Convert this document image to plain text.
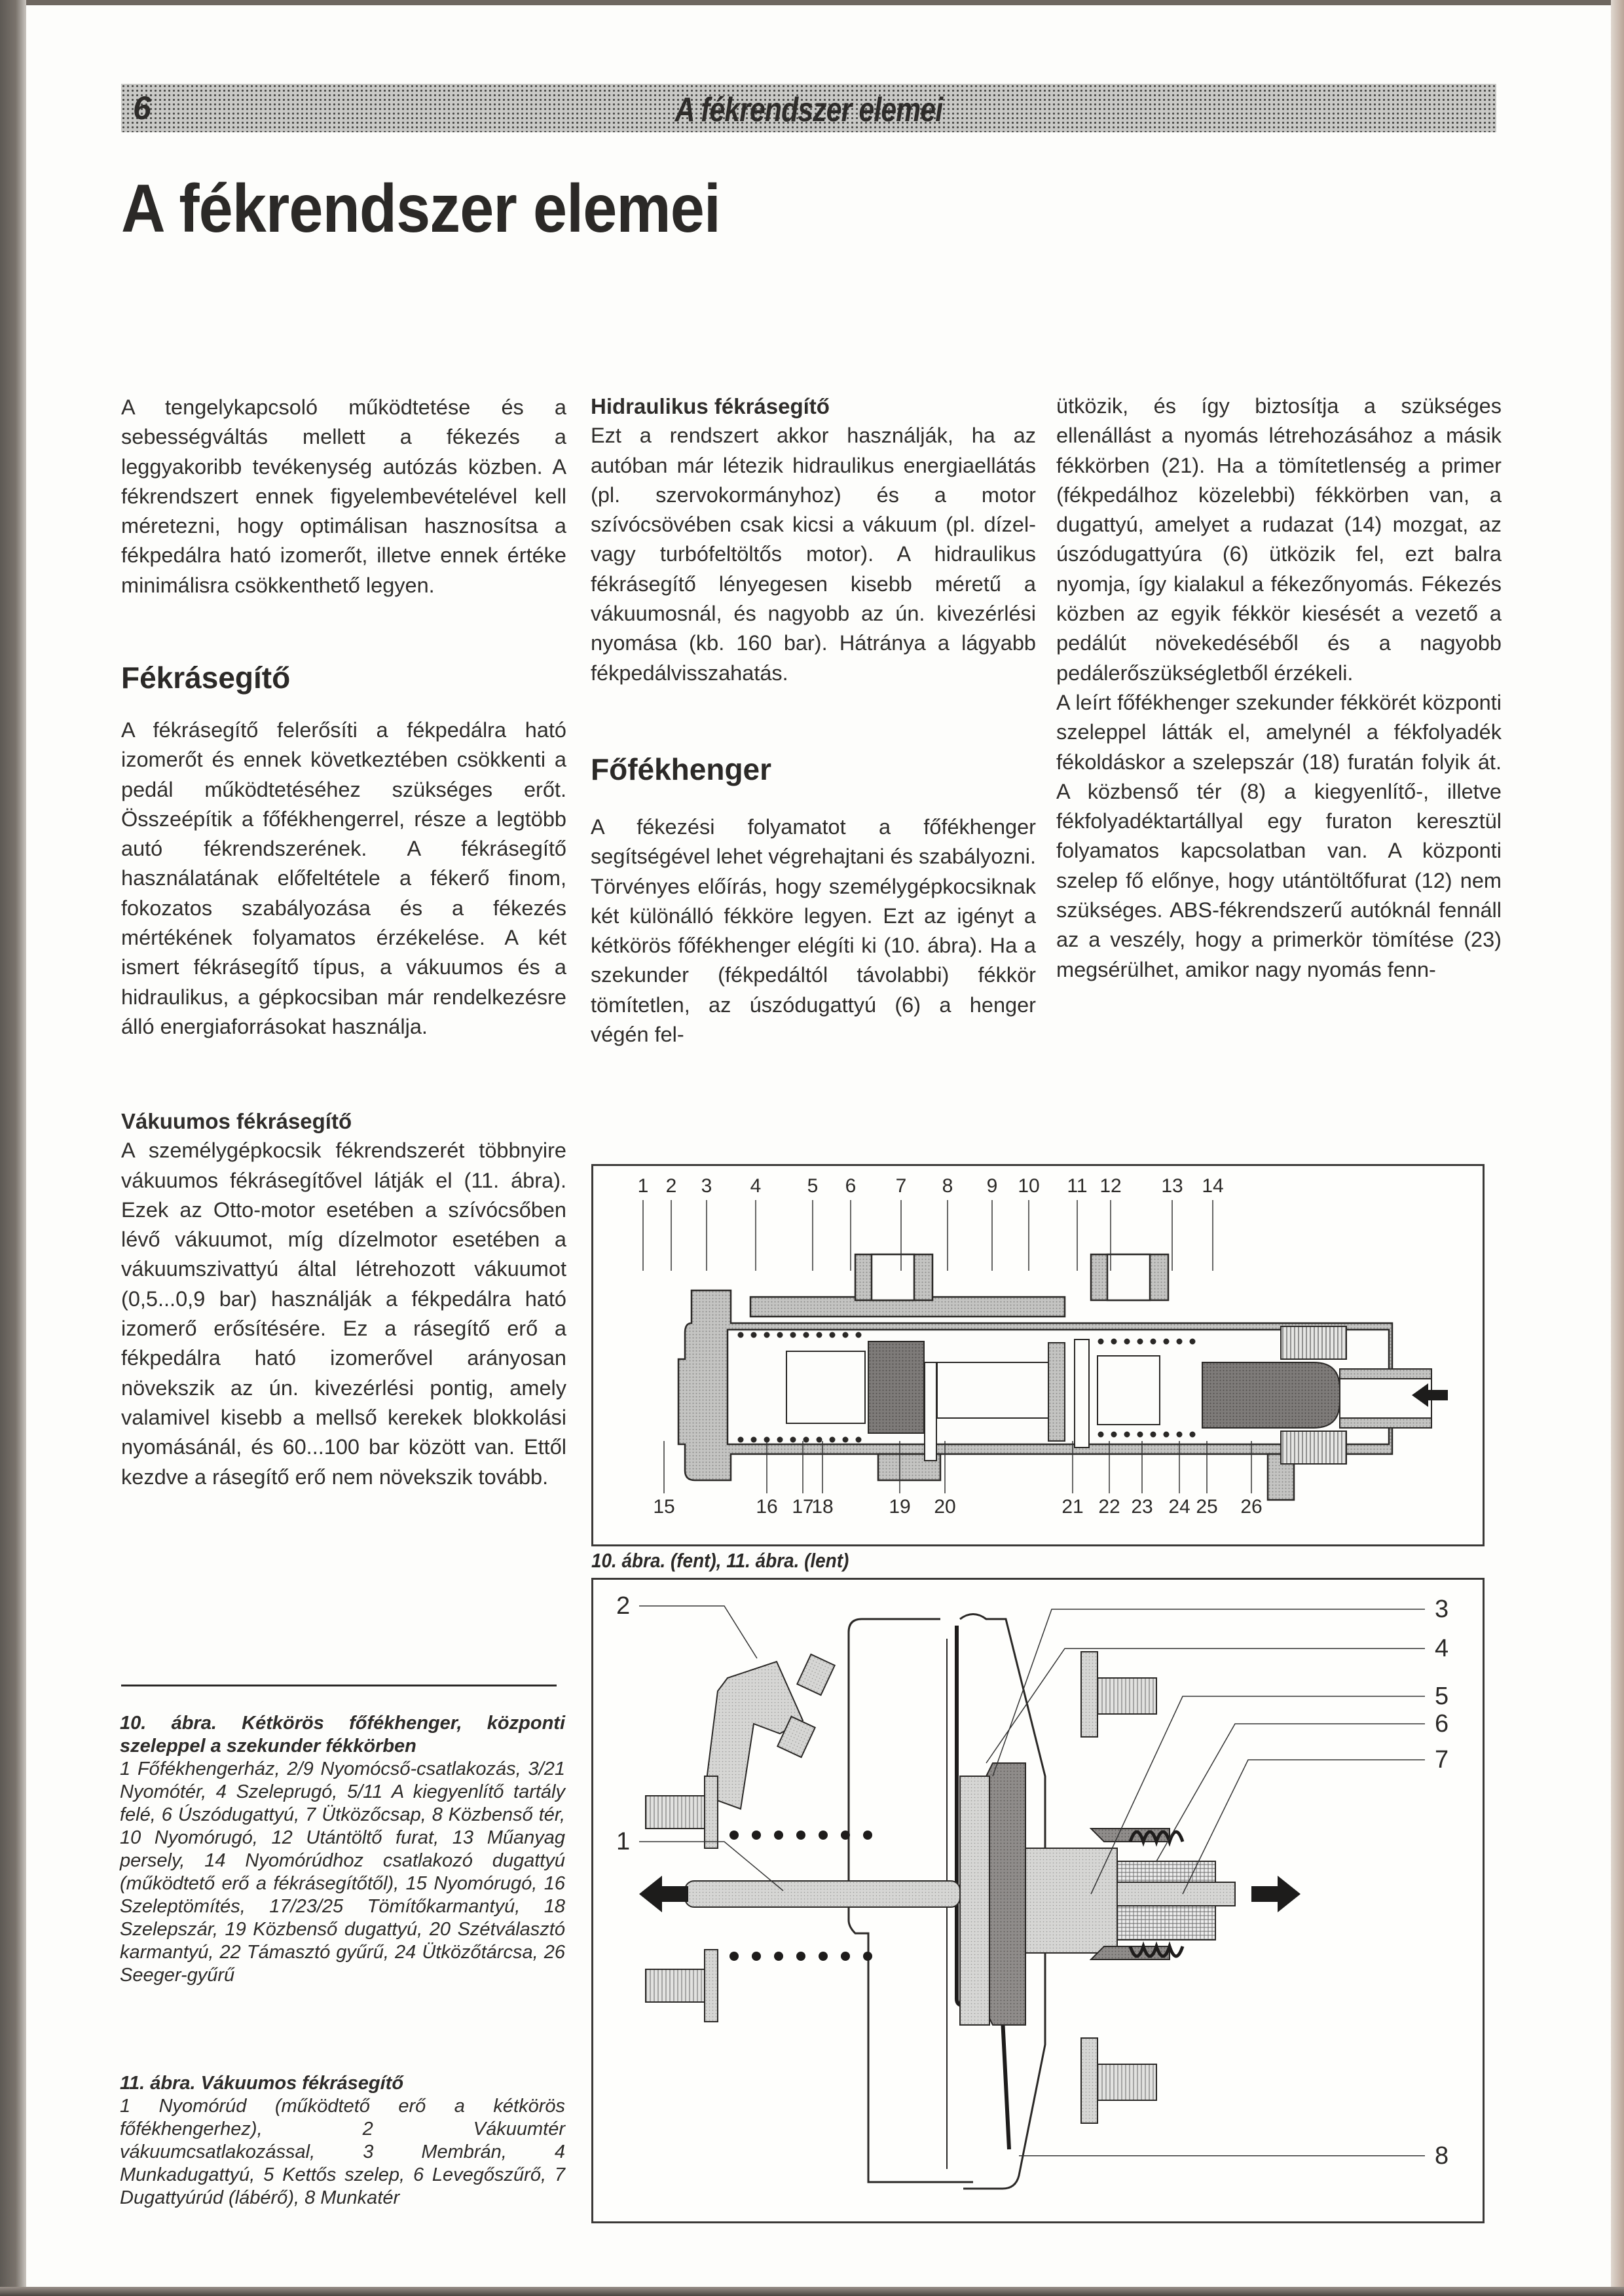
6	A fékrendszer elemei
A fékrendszer elemei

A tengelykapcsoló működtetése és a sebességváltás mellett a fékezés a leggyakoribb tevékenység autózás közben. A fékrendszert ennek figyelembevételével kell méretezni, hogy optimálisan hasznosítsa a fékpedálra ható izomerőt, illetve ennek értéke minimálisra csökkenthető legyen.

Fékrásegítő

A fékrásegítő felerősíti a fékpedálra ható izomerőt és ennek következtében csökkenti a pedál működtetéséhez szükséges erőt. Összeépítik a főfékhengerrel, része a legtöbb autó fékrendszerének. A fékrásegítő használatának előfeltétele a fékerő finom, fokozatos szabályozása és a fékezés mértékének folyamatos érzékelése. A két ismert fékrásegítő típus, a vákuumos és a hidraulikus, a gépkocsiban már rendelkezésre álló energiaforrásokat használja.

Vákuumos fékrásegítő

A személygépkocsik fékrendszerét többnyire vákuumos fékrásegítővel látják el (11. ábra). Ezek az Otto-motor esetében a szívócsőben lévő vákuumot, míg dízelmotor esetében a vákuumszivattyú által létrehozott vákuumot (0,5...0,9 bar) használják a fékpedálra ható izomerő erősítésére. Ez a rásegítő erő a fékpedálra ható izomerővel arányosan növekszik az ún. kivezérlési pontig, amely valamivel kisebb a mellső kerekek blokkolási nyomásánál, és 60...100 bar között van. Ettől kezdve a rásegítő erő nem növekszik tovább.

10. ábra. Kétkörös főfékhenger, központi szeleppel a szekunder fékkörben
1 Főfékhengerház, 2/9 Nyomócső-csatlakozás, 3/21 Nyomótér, 4 Szeleprugó, 5/11 A kiegyenlítő tartály felé, 6 Úszódugattyú, 7 Ütközőcsap, 8 Közbenső tér, 10 Nyomórugó, 12 Utántöltő furat, 13 Műanyag persely, 14 Nyomórúdhoz csatlakozó dugattyú (működtető erő a fékrásegítőtől), 15 Nyomórugó, 16 Szeleptömítés, 17/23/25 Tömítőkarmantyú, 18 Szelepszár, 19 Közbenső dugattyú, 20 Szétválasztó karmantyú, 22 Támasztó gyűrű, 24 Ütközőtárcsa, 26 Seeger-gyűrű
11. ábra. Vákuumos fékrásegítő
1 Nyomórúd (működtető erő a kétkörös főfékhengerhez), 2 Vákuumtér vákuumcsatlakozással, 3 Membrán, 4 Munkadugattyú, 5 Kettős szelep, 6 Levegőszűrő, 7 Dugattyúrúd (lábérő), 8 Munkatér

Hidraulikus fékrásegítő

Ezt a rendszert akkor használják, ha az autóban már létezik hidraulikus energiaellátás (pl. szervokormányhoz) és a motor szívócsövében csak kicsi a vákuum (pl. dízel- vagy turbófeltöltős motor). A hidraulikus fékrásegítő lényegesen kisebb méretű a vákuumosnál, és nagyobb az ún. kivezérlési nyomása (kb. 160 bar). Hátránya a lágyabb fékpedálvisszahatás.

Főfékhenger

A fékezési folyamatot a főfékhenger segítségével lehet végrehajtani és szabályozni. Törvényes előírás, hogy személygépkocsiknak két különálló fékköre legyen. Ezt az igényt a kétkörös főfékhenger elégíti ki (10. ábra). Ha a szekunder (fékpedáltól távolabbi) fékkör tömítetlen, az úszódugattyú (6) a henger végén fel-

ütközik, és így biztosítja a szükséges ellenállást a nyomás létrehozásához a másik fékkörben (21). Ha a tömítetlenség a primer (fékpedálhoz közelebbi) fékkörben van, a dugattyú, amelyet a rudazat (14) mozgat, az úszódugattyúra (6) ütközik fel, ezt balra nyomja, így kialakul a fékezőnyomás. Fékezés közben az egyik fékkör kiesését a vezető a pedálút növekedéséből és a nagyobb pedálerőszükségletből érzékeli.

A leírt főfékhenger szekunder fékkörét központi szeleppel látták el, amelynél a fékfolyadék fékoldáskor a szelepszár (18) furatán folyik át. A közbenső tér (8) a kiegyenlítő-, illetve fékfolyadéktartállyal egy furaton keresztül folyamatos kapcsolatban van. A központi szelep fő előnye, hogy utántöltőfurat (12) nem szükséges. ABS-fékrendszerű autóknál fennáll az a veszély, hogy a primerkör tömítése (23) megsérülhet, amikor nagy nyomás fenn-

1 2 3 4 5 6 7 8 9 10 11 12 13 14
15	16 17
18	19 20	21 22 23 24 25 26
10. ábra. (fent), 11. ábra. (lent)
2
1
3
4
5
6
7
8
